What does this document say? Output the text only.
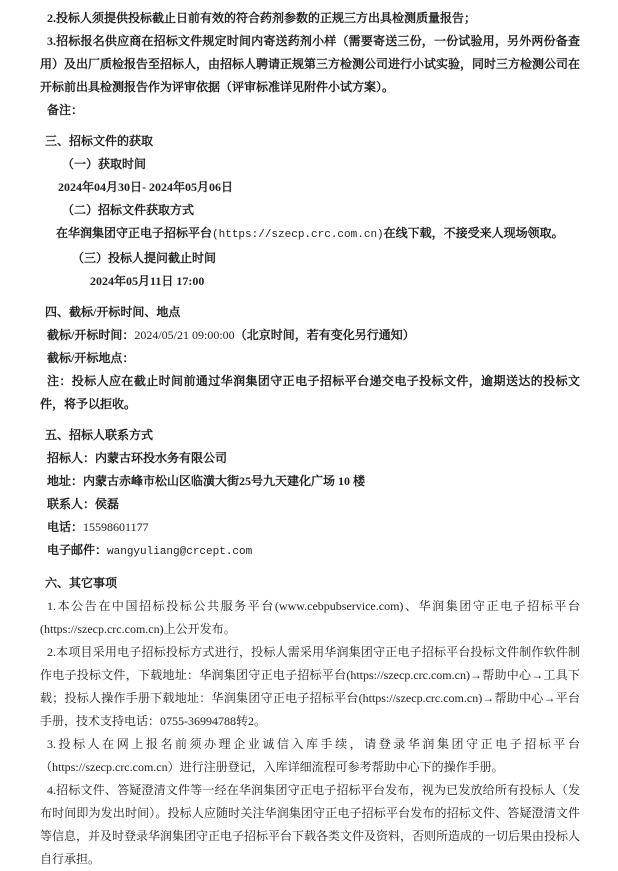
2.投标人须提供投标截止日前有效的符合药剂参数的正规三方出具检测质量报告；

3.招标报名供应商在招标文件规定时间内寄送药剂小样（需要寄送三份，一份试验用，另外两份备查用）及出厂质检报告至招标人，由招标人聘请正规第三方检测公司进行小试实验，同时三方检测公司在开标前出具检测报告作为评审依据（评审标准详见附件小试方案）。

备注：

三、招标文件的获取

（一）获取时间

2024年04月30日- 2024年05月06日

（二）招标文件获取方式

在华润集团守正电子招标平台(https://szecp.crc.com.cn)在线下载，不接受来人现场领取。

（三）投标人提问截止时间

2024年05月11日 17:00

四、截标/开标时间、地点

截标/开标时间：2024/05/21 09:00:00（北京时间，若有变化另行通知）

截标/开标地点：

注：投标人应在截止时间前通过华润集团守正电子招标平台递交电子投标文件，逾期送达的投标文件，将予以拒收。

五、招标人联系方式

招标人：内蒙古环投水务有限公司

地址：内蒙古赤峰市松山区临潢大街25号九天建化广场 10 楼

联系人：侯磊

电话：15598601177

电子邮件：wangyuliang@crcept.com

六、其它事项

1.本公告在中国招标投标公共服务平台(www.cebpubservice.com)、华润集团守正电子招标平台(https://szecp.crc.com.cn)上公开发布。

2.本项目采用电子招标投标方式进行，投标人需采用华润集团守正电子招标平台投标文件制作软件制作电子投标文件，下载地址：华润集团守正电子招标平台(https://szecp.crc.com.cn)→帮助中心→工具下载；投标人操作手册下载地址：华润集团守正电子招标平台(https://szecp.crc.com.cn)→帮助中心→平台手册，技术支持电话：0755-36994788转2。

3.投标人在网上报名前须办理企业诚信入库手续，请登录华润集团守正电子招标平台（https://szecp.crc.com.cn）进行注册登记，入库详细流程可参考帮助中心下的操作手册。

4.招标文件、答疑澄清文件等一经在华润集团守正电子招标平台发布，视为已发放给所有投标人（发布时间即为发出时间）。投标人应随时关注华润集团守正电子招标平台发布的招标文件、答疑澄清文件等信息，并及时登录华润集团守正电子招标平台下载各类文件及资料，否则所造成的一切后果由投标人自行承担。
